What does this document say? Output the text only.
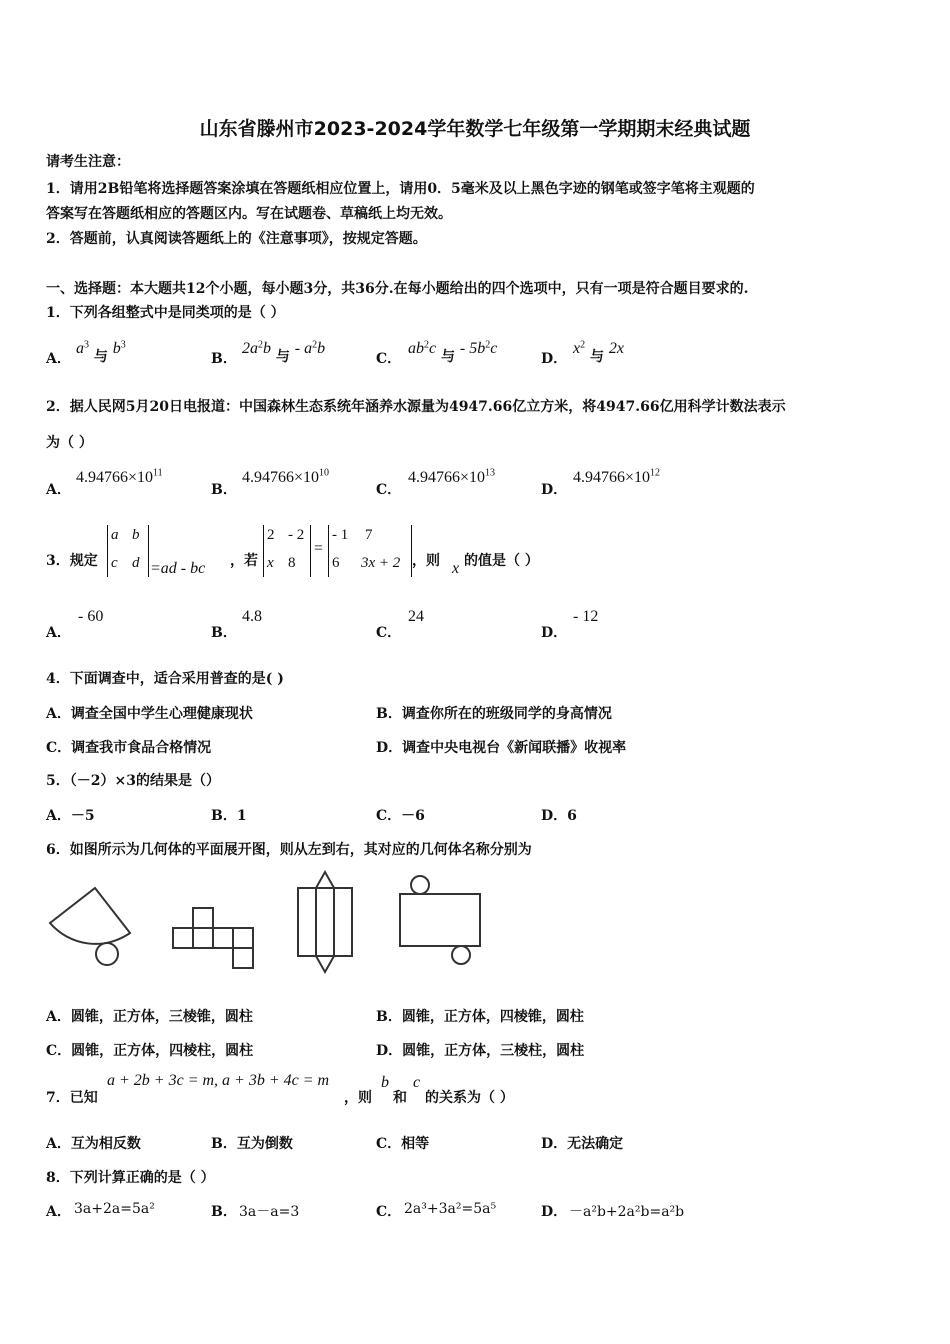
山东省滕州市2023-2024学年数学七年级第一学期期末经典试题
请考生注意：
1．请用2B铅笔将选择题答案涂填在答题纸相应位置上，请用0．5毫米及以上黑色字迹的钢笔或签字笔将主观题的
答案写在答题纸相应的答题区内。写在试题卷、草稿纸上均无效。
2．答题前，认真阅读答题纸上的《注意事项》，按规定答题。
一、选择题：本大题共12个小题，每小题3分，共36分.在每小题给出的四个选项中，只有一项是符合题目要求的.
1．下列各组整式中是同类项的是（ ）
A．
$a^3$ 与 $b^3$
B．
$2a^2b$ 与 - $a^2b$
C．
$ab^2c$ 与 - $5b^2c$
D．
$x^2$ 与 2x
2．据人民网5月20日电报道：中国森林生态系统年涵养水源量为4947.66亿立方米，将4947.66亿用科学计数法表示
为（ ）
A．
$4.94766\times 10^{11}$
B．
$4.94766\times 10^{10}$
C．
$4.94766\times 10^{13}$
D．
$4.94766\times 10^{12}$
3．规定
a b
c d =ad - bc ，若
2 - 2
x 8
=
- 1 7
6 3x + 2 ，则 x 的值是（ ）
A．
- 60
B．
4.8
C．
24
D．
- 12
4．下面调查中，适合采用普查的是( )
A．调查全国中学生心理健康现状	B．调查你所在的班级同学的身高情况
C．调查我市食品合格情况	D．调查中央电视台《新闻联播》收视率
5．（－2）×3的结果是（）
A．－5	B．1	C．－6	D．6
6．如图所示为几何体的平面展开图，则从左到右，其对应的几何体名称分别为
A．圆锥，正方体，三棱锥，圆柱	B．圆锥，正方体，四棱锥，圆柱
C．圆锥，正方体，四棱柱，圆柱	D．圆锥，正方体，三棱柱，圆柱
7．已知
a + 2b + 3c = m, a + 3b + 4c = m
，则
b
和
c
的关系为（ ）
A．互为相反数	B．互为倒数	C．相等	D．无法确定
8．下列计算正确的是（ ）
A． 3a+2a=5a²	B． 3a－a=3	C． 2a³+3a²=5a⁵	D． －a²b+2a²b=a²b
